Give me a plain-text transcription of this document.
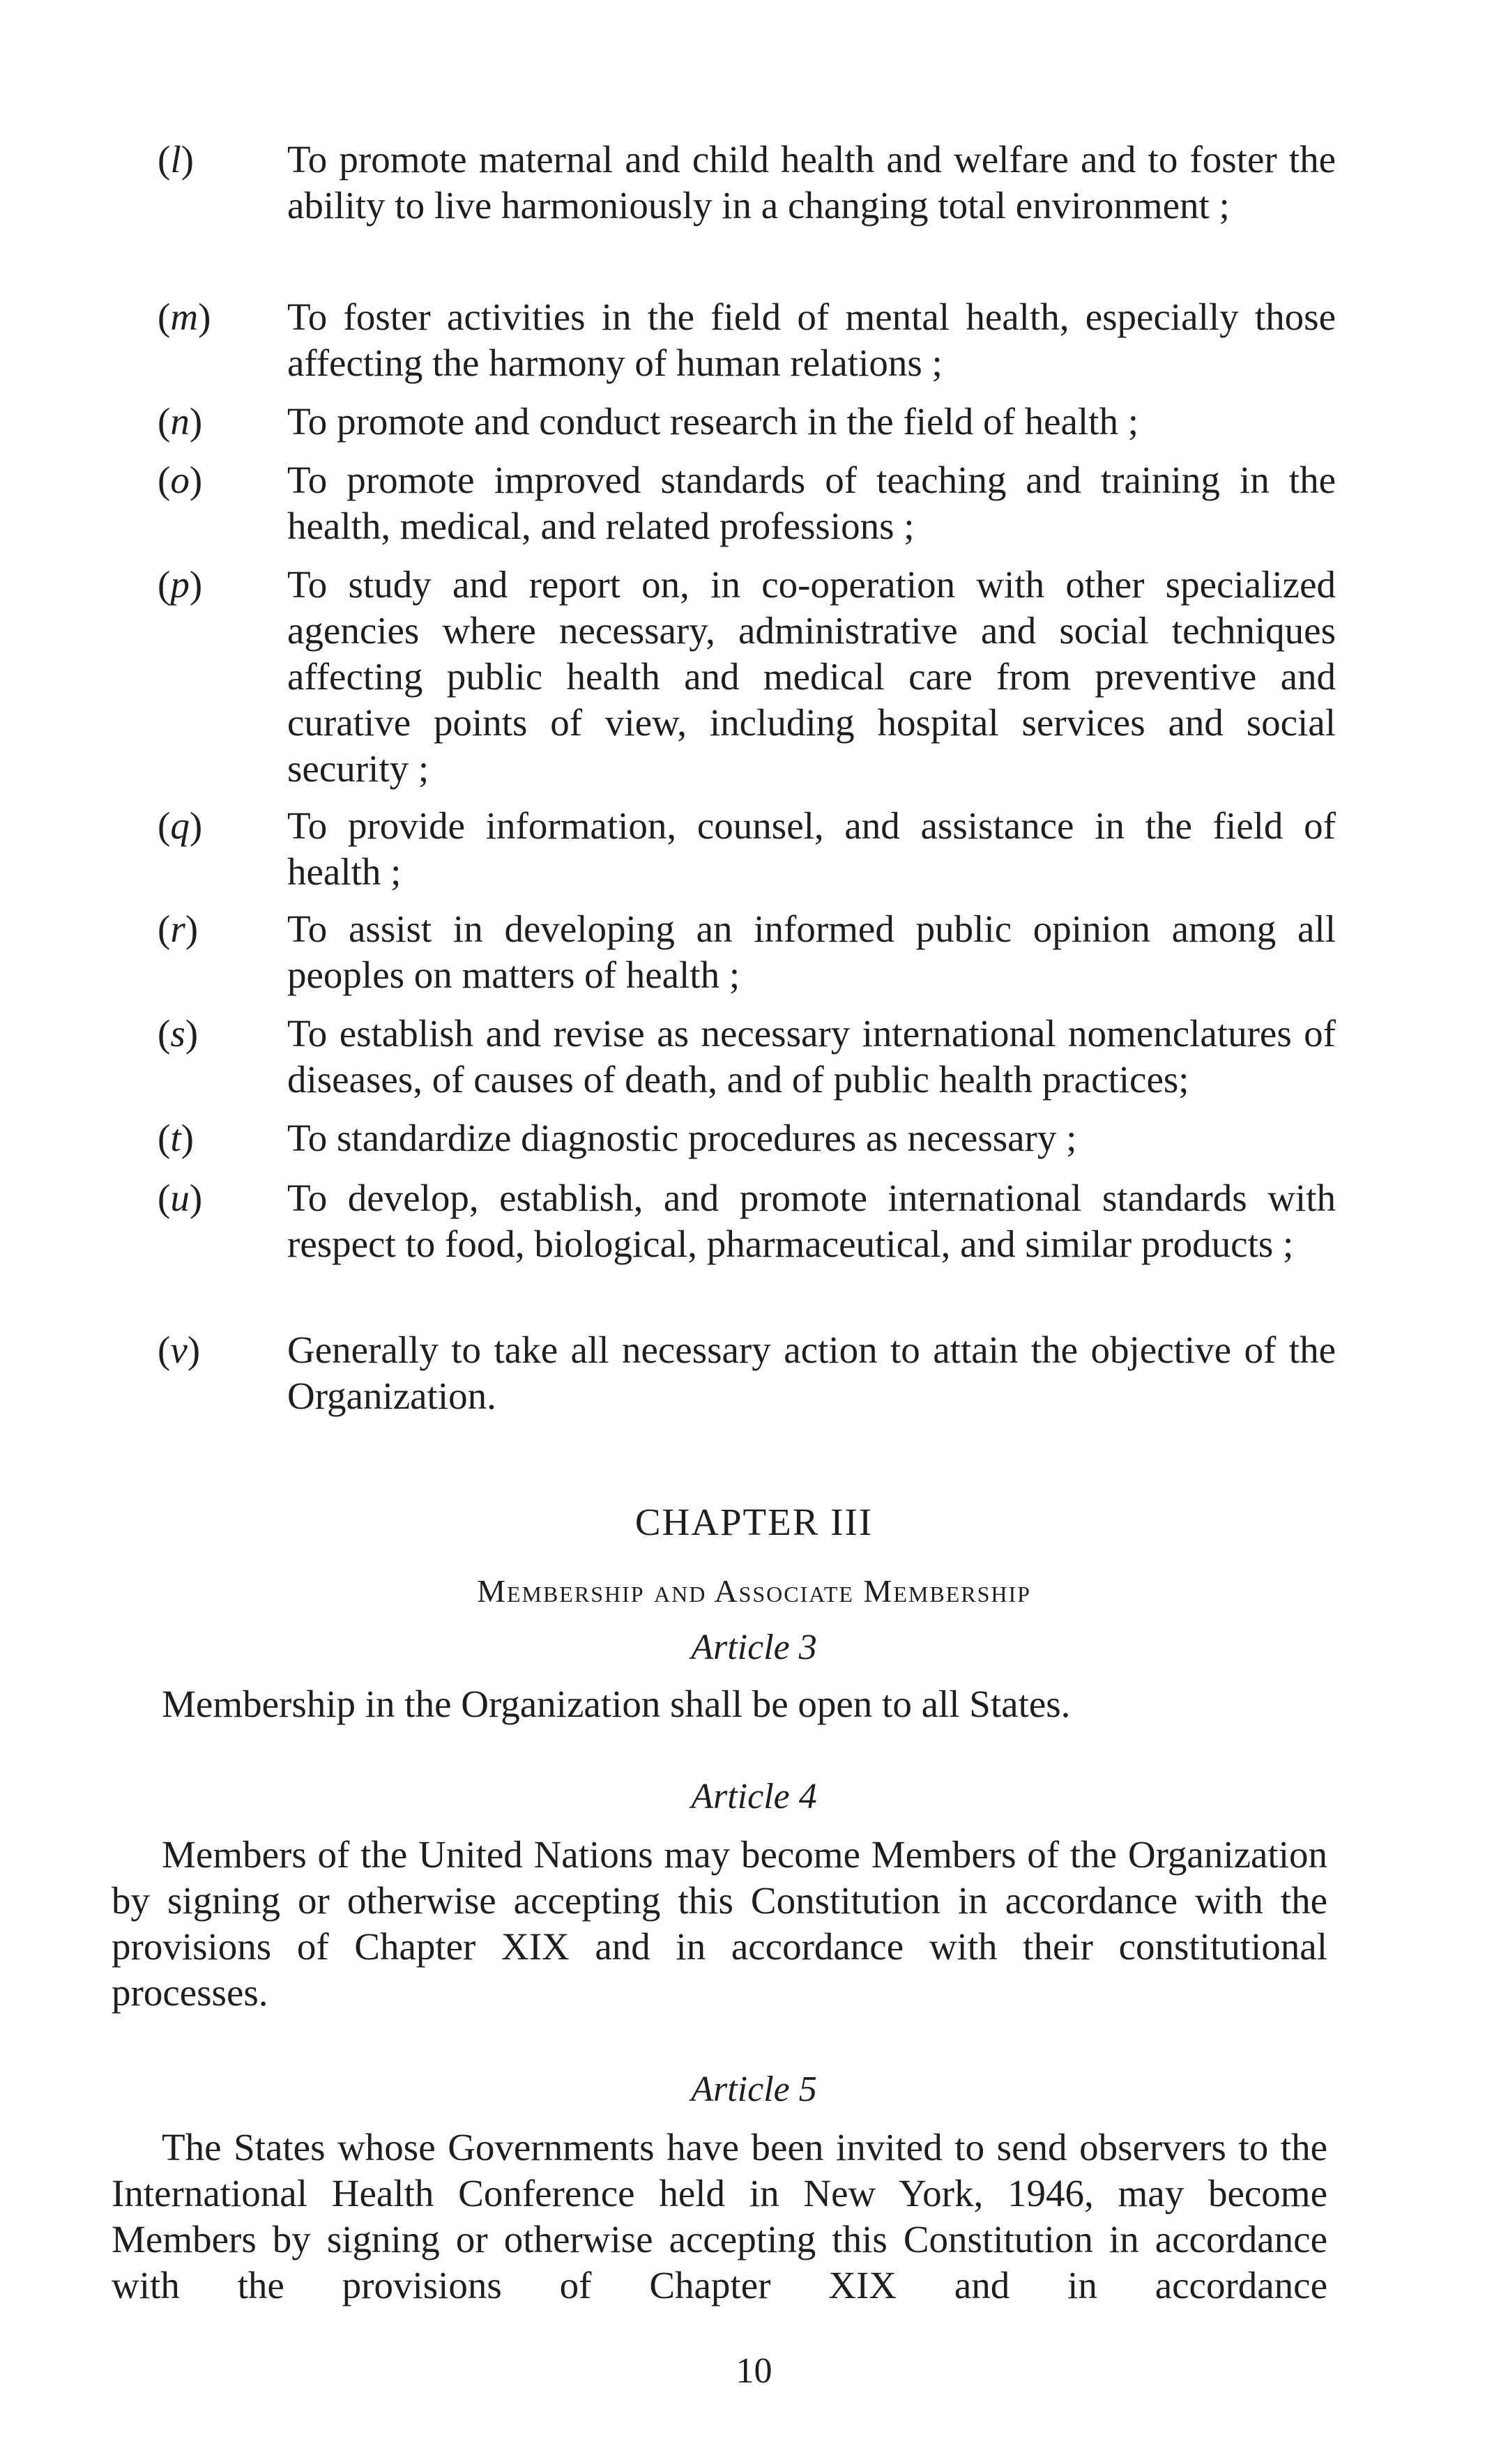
(l) To promote maternal and child health and welfare and to foster the ability to live harmoniously in a changing total environment ;
(m) To foster activities in the field of mental health, especially those affecting the harmony of human relations ;
(n) To promote and conduct research in the field of health ;
(o) To promote improved standards of teaching and training in the health, medical, and related professions ;
(p) To study and report on, in co-operation with other specialized agencies where necessary, administrative and social techniques affecting public health and medical care from preventive and curative points of view, including hospital services and social security ;
(q) To provide information, counsel, and assistance in the field of health ;
(r) To assist in developing an informed public opinion among all peoples on matters of health ;
(s) To establish and revise as necessary international nomenclatures of diseases, of causes of death, and of public health practices;
(t) To standardize diagnostic procedures as necessary ;
(u) To develop, establish, and promote international standards with respect to food, biological, pharmaceutical, and similar products ;
(v) Generally to take all necessary action to attain the objective of the Organization.
CHAPTER III
Membership and Associate Membership
Article 3
Membership in the Organization shall be open to all States.
Article 4
Members of the United Nations may become Members of the Organization by signing or otherwise accepting this Constitution in accordance with the provisions of Chapter XIX and in accordance with their constitutional processes.
Article 5
The States whose Governments have been invited to send observers to the International Health Conference held in New York, 1946, may become Members by signing or otherwise accepting this Constitution in accordance with the provisions of Chapter XIX and in accordance
10
